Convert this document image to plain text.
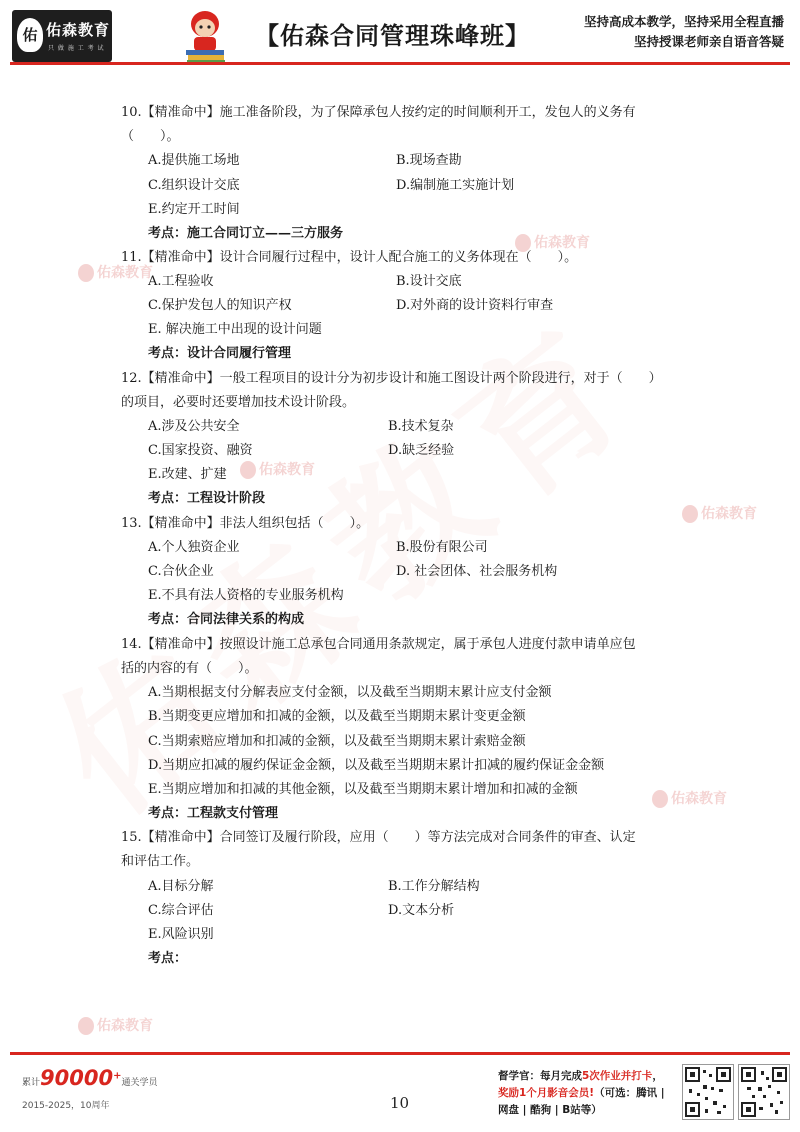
佑 佑森教育
只 做 施 工 考 试	【佑森合同管理珠峰班】
坚持高成本教学，坚持采用全程直播
坚持授课老师亲自语音答疑
佑森教育
佑森教育
佑森教育
佑森教育
佑森教育
佑森教育
10.【精准命中】施工准备阶段，为了保障承包人按约定的时间顺利开工，发包人的义务有
（　　）。
A.提供施工场地	B.现场查勘
C.组织设计交底	D.编制施工实施计划
E.约定开工时间
考点：施工合同订立——三方服务
11.【精准命中】设计合同履行过程中，设计人配合施工的义务体现在（　　）。
A.工程验收	B.设计交底
C.保护发包人的知识产权	D.对外商的设计资料行审查
E. 解决施工中出现的设计问题
考点：设计合同履行管理
12.【精准命中】一般工程项目的设计分为初步设计和施工图设计两个阶段进行，对于（　　）
的项目，必要时还要增加技术设计阶段。
A.涉及公共安全	B.技术复杂
C.国家投资、融资	D.缺乏经验
E.改建、扩建
考点：工程设计阶段
13.【精准命中】非法人组织包括（　　）。
A.个人独资企业	B.股份有限公司
C.合伙企业	D. 社会团体、社会服务机构
E.不具有法人资格的专业服务机构
考点：合同法律关系的构成
14.【精准命中】按照设计施工总承包合同通用条款规定，属于承包人进度付款申请单应包
括的内容的有（　　）。
A.当期根据支付分解表应支付金额，以及截至当期期末累计应支付金额
B.当期变更应增加和扣减的金额，以及截至当期期末累计变更金额
C.当期索赔应增加和扣减的金额，以及截至当期期末累计索赔金额
D.当期应扣减的履约保证金金额，以及截至当期期末累计扣减的履约保证金金额
E.当期应增加和扣减的其他金额，以及截至当期期末累计增加和扣减的金额
考点：工程款支付管理
15.【精准命中】合同签订及履行阶段，应用（　　）等方法完成对合同条件的审查、认定
和评估工作。
A.目标分解	B.工作分解结构
C.综合评估	D.文本分析
E.风险识别
考点：
累计90000+通关学员
2015-2025，10周年	10
督学官：每月完成5次作业并打卡，
奖励1个月影音会员!（可选：腾讯 |
网盘 | 酷狗 | B站等）
